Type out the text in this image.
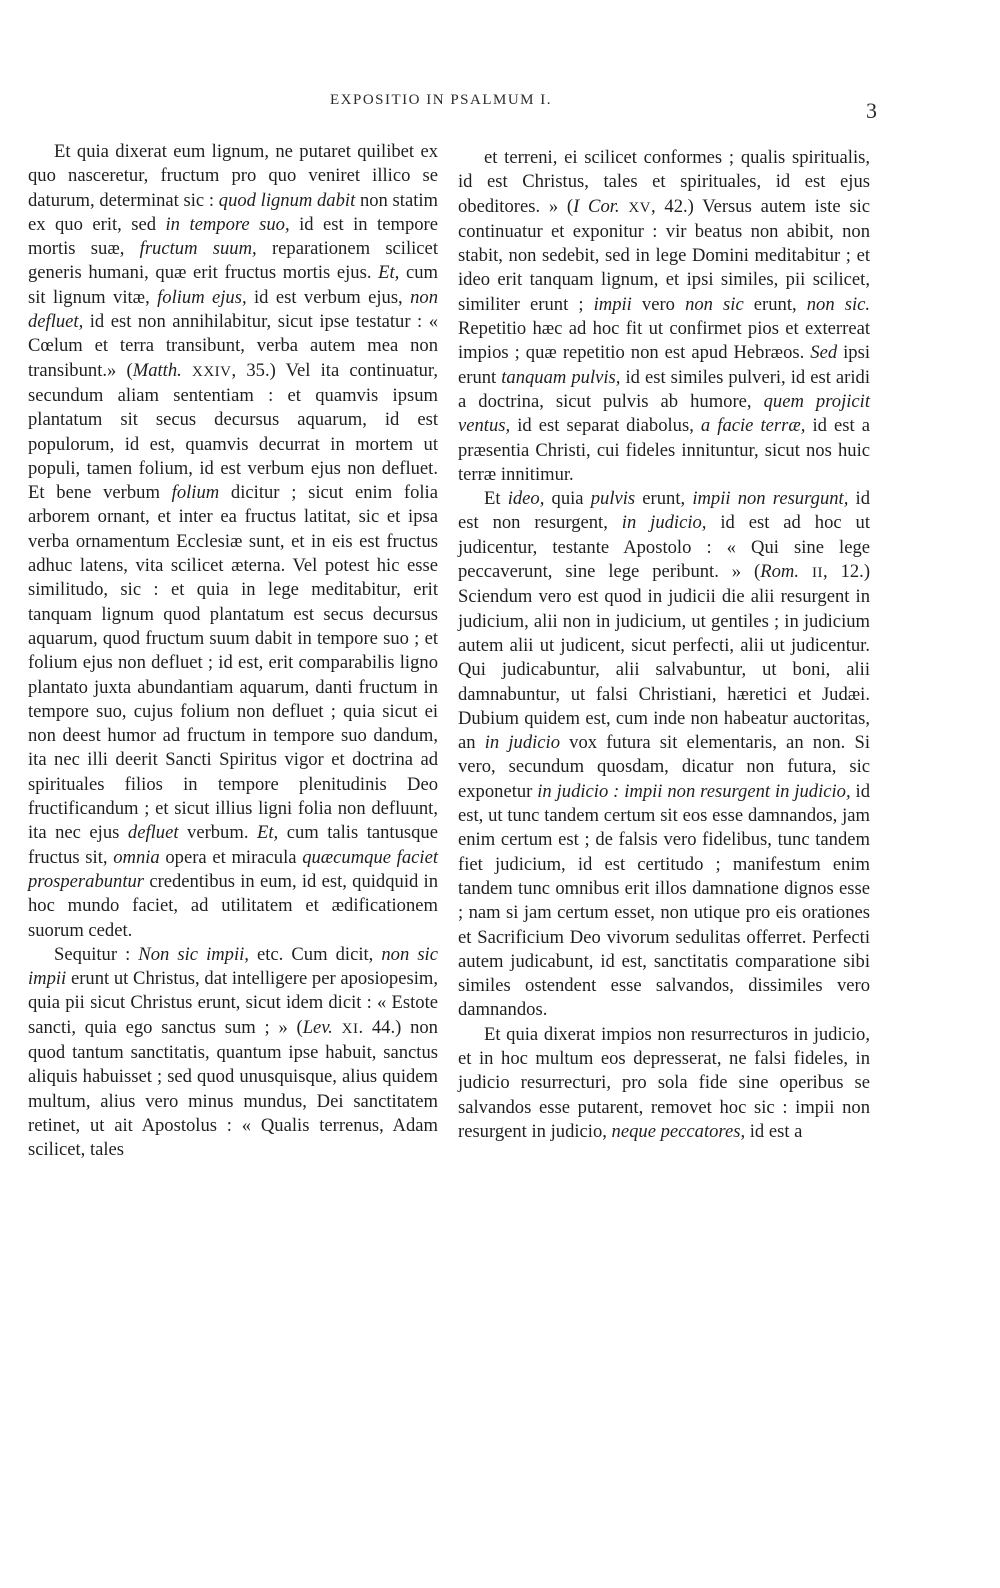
EXPOSITIO IN PSALMUM I.	3

Et quia dixerat eum lignum, ne putaret quilibet ex quo nasceretur, fructum pro quo veniret illico se daturum, determinat sic : quod lignum dabit non statim ex quo erit, sed in tempore suo, id est in tempore mortis suæ, fructum suum, reparationem scilicet generis humani, quæ erit fructus mortis ejus. Et, cum sit lignum vitæ, folium ejus, id est verbum ejus, non defluet, id est non annihilabitur, sicut ipse testatur : « Cœlum et terra transibunt, verba autem mea non transibunt.» (Matth. XXIV, 35.) Vel ita continuatur, secundum aliam sententiam : et quamvis ipsum plantatum sit secus decursus aquarum, id est populorum, id est, quamvis decurrat in mortem ut populi, tamen folium, id est verbum ejus non defluet. Et bene verbum folium dicitur ; sicut enim folia arborem ornant, et inter ea fructus latitat, sic et ipsa verba ornamentum Ecclesiæ sunt, et in eis est fructus adhuc latens, vita scilicet æterna. Vel potest hic esse similitudo, sic : et quia in lege meditabitur, erit tanquam lignum quod plantatum est secus decursus aquarum, quod fructum suum dabit in tempore suo ; et folium ejus non defluet ; id est, erit comparabilis ligno plantato juxta abundantiam aquarum, danti fructum in tempore suo, cujus folium non defluet ; quia sicut ei non deest humor ad fructum in tempore suo dandum, ita nec illi deerit Sancti Spiritus vigor et doctrina ad spirituales filios in tempore plenitudinis Deo fructificandum ; et sicut illius ligni folia non defluunt, ita nec ejus defluet verbum. Et, cum talis tantusque fructus sit, omnia opera et miracula quæcumque faciet prosperabuntur credentibus in eum, id est, quidquid in hoc mundo faciet, ad utilitatem et ædificationem suorum cedet.

Sequitur : Non sic impii, etc. Cum dicit, non sic impii erunt ut Christus, dat intelligere per aposiopesim, quia pii sicut Christus erunt, sicut idem dicit : « Estote sancti, quia ego sanctus sum ; » (Lev. XI. 44.) non quod tantum sanctitatis, quantum ipse habuit, sanctus aliquis habuisset ; sed quod unusquisque, alius quidem multum, alius vero minus mundus, Dei sanctitatem retinet, ut ait Apostolus : « Qualis terrenus, Adam scilicet, tales

et terreni, ei scilicet conformes ; qualis spiritualis, id est Christus, tales et spirituales, id est ejus obeditores. » (I Cor. XV, 42.) Versus autem iste sic continuatur et exponitur : vir beatus non abibit, non stabit, non sedebit, sed in lege Domini meditabitur ; et ideo erit tanquam lignum, et ipsi similes, pii scilicet, similiter erunt ; impii vero non sic erunt, non sic. Repetitio hæc ad hoc fit ut confirmet pios et exterreat impios ; quæ repetitio non est apud Hebræos. Sed ipsi erunt tanquam pulvis, id est similes pulveri, id est aridi a doctrina, sicut pulvis ab humore, quem projicit ventus, id est separat diabolus, a facie terræ, id est a præsentia Christi, cui fideles innituntur, sicut nos huic terræ innitimur.

Et ideo, quia pulvis erunt, impii non resurgunt, id est non resurgent, in judicio, id est ad hoc ut judicentur, testante Apostolo : « Qui sine lege peccaverunt, sine lege peribunt. » (Rom. II, 12.) Sciendum vero est quod in judicii die alii resurgent in judicium, alii non in judicium, ut gentiles ; in judicium autem alii ut judicent, sicut perfecti, alii ut judicentur. Qui judicabuntur, alii salvabuntur, ut boni, alii damnabuntur, ut falsi Christiani, hæretici et Judæi. Dubium quidem est, cum inde non habeatur auctoritas, an in judicio vox futura sit elementaris, an non. Si vero, secundum quosdam, dicatur non futura, sic exponetur in judicio : impii non resurgent in judicio, id est, ut tunc tandem certum sit eos esse damnandos, jam enim certum est ; de falsis vero fidelibus, tunc tandem fiet judicium, id est certitudo ; manifestum enim tandem tunc omnibus erit illos damnatione dignos esse ; nam si jam certum esset, non utique pro eis orationes et Sacrificium Deo vivorum sedulitas offerret. Perfecti autem judicabunt, id est, sanctitatis comparatione sibi similes ostendent esse salvandos, dissimiles vero damnandos.

Et quia dixerat impios non resurrecturos in judicio, et in hoc multum eos depresserat, ne falsi fideles, in judicio resurrecturi, pro sola fide sine operibus se salvandos esse putarent, removet hoc sic : impii non resurgent in judicio, neque peccatores, id est a
